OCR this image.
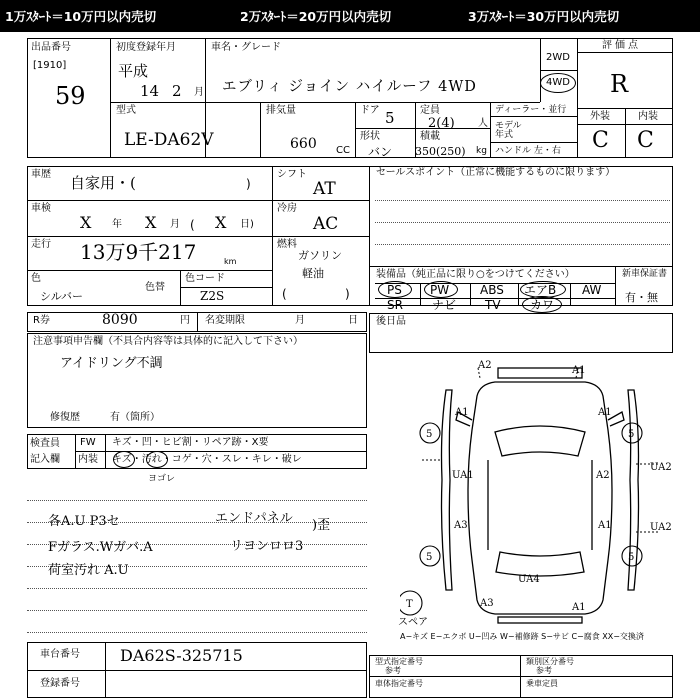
1万ｽﾀｰﾄ＝10万円以内売切	2万ｽﾀｰﾄ＝20万円以内売切	3万ｽﾀｰﾄ＝30万円以内売切
出品番号
[1910]
59
初度登録年月
平成
14 2 月
車名・グレード
エブリィ ジョイン ハイルーフ 4WD
2WD
4WD
型式
LE-DA62V
排気量
660 CC
ドア 5
形状
バン
定員
2(4) 人
積載
350(250) kg
ディーラー・並行
モデル年式
ハンドル 左・右
評価点
R
外装	内装
C C
車歴 自家用・(	)
車検
X 年 X 月 ( X 日)
走行 13万9千217	km
色
シルバー
色替
色コード
Z2S
シフト
AT
冷房
AC
燃料
ガソリン
軽油
(	)
セールスポイント（正常に機能するものに限ります）
装備品（純正品に限り○をつけてください）	新車保証書
有・無
PS PW	ABS エアB AW
SR ナビ TV カワ
後日品
R券	8090	円 名変期限	月	日
注意事項申告欄（不具合内容等は具体的に記入して下さい）
アイドリング不調
修復歴	有（箇所）
検査員
記入欄
FW キズ・凹・ヒビ割・リペア跡・X要
内装 キズ・汚れ・コゲ・穴・スレ・キレ・破レ
ヨゴレ
各A.U P3セ	エンドパネル )歪
Fガラス.Wガバ.A	リヨンロロ3
荷室汚れ A.U
A2	A1
A1	A1
5	5
5	5
UA1	A2
UA2
A3	A1	UA2
A3
UA4
A1
T
スペア
A−キズ E−エクボ U−凹み W−補修跡 S−サビ C−腐食 XX−交換済
車台番号	DA62S-325715
登録番号
型式指定番号
参考
類別区分番号
参考
車体指定番号	乗車定員
